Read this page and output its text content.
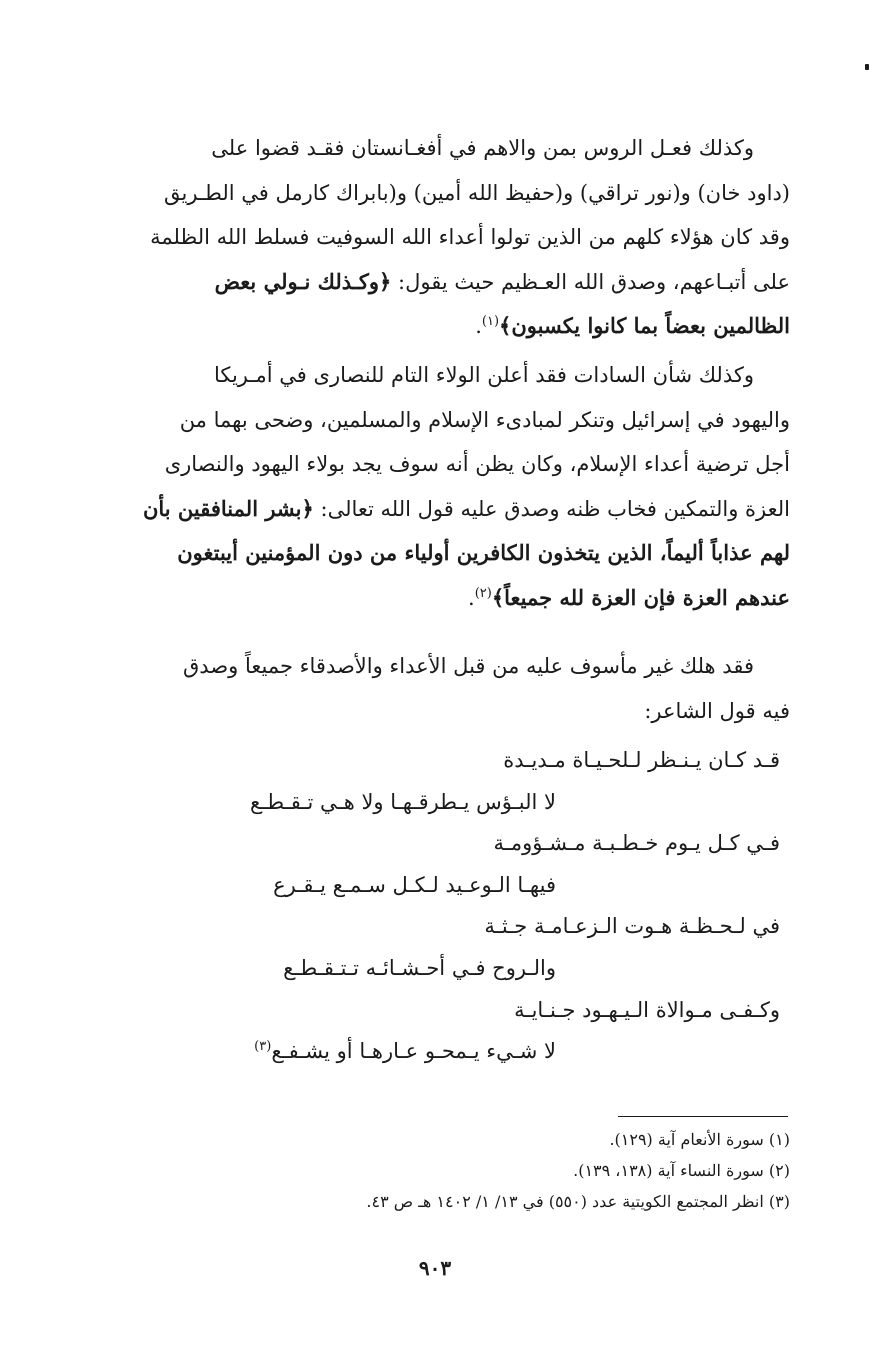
وكذلك فعـل الروس بمن والاهم في أفغـانستان فقـد قضوا على
(داود خان) و(نور تراقي) و(حفيظ الله أمين) و(بابراك كارمل في الطـريق
وقد كان هؤلاء كلهم من الذين تولوا أعداء الله السوفيت فسلط الله الظلمة
على أتبـاعهم، وصدق الله العـظيم حيث يقول: ﴿وكـذلك نـولي بعض
الظالمين بعضاً بما كانوا يكسبون﴾$^{(١)}$.
وكذلك شأن السادات فقد أعلن الولاء التام للنصارى في أمـريكا
واليهود في إسرائيل وتنكر لمبادىء الإسلام والمسلمين، وضحى بهما من
أجل ترضية أعداء الإسلام، وكان يظن أنه سوف يجد بولاء اليهود والنصارى
العزة والتمكين فخاب ظنه وصدق عليه قول الله تعالى: ﴿بشر المنافقين بأن
لهم عذاباً أليماً، الذين يتخذون الكافرين أولياء من دون المؤمنين أيبتغون
عندهم العزة فإن العزة لله جميعاً﴾$^{(٢)}$.
فقد هلك غير مأسوف عليه من قبل الأعداء والأصدقاء جميعاً وصدق
فيه قول الشاعر:
قـد كـان يـنـظر لـلحـيـاة مـديـدة
لا البـؤس يـطرقـهـا ولا هـي تـقـطـع
فـي كـل يـوم خـطـبـة مـشـؤومـة
فيهـا الـوعـيد لـكـل سـمـع يـقـرع
في لـحـظـة هـوت الـزعـامـة جـثـة
والـروح فـي أحـشـائـه تـتـقـطـع
وكـفـى مـوالاة الـيـهـود جـنـايـة
لا شـيء يـمحـو عـارهـا أو يشـفـع$^{(٣)}$
(١) سورة الأنعام آية (١٢٩).
(٢) سورة النساء آية (١٣٨، ١٣٩).
(٣) انظر المجتمع الكويتية عدد (٥٥٠) في ١٣/ ١/ ١٤٠٢ هـ ص ٤٣.
٩٠٣
